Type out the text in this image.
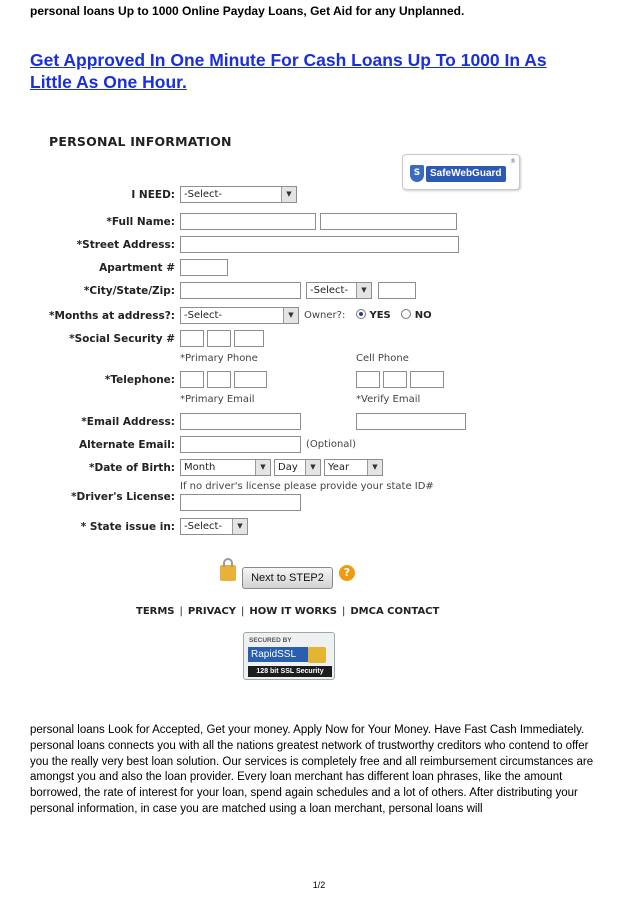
personal loans Up to 1000 Online Payday Loans, Get Aid for any Unplanned.
Get Approved In One Minute For Cash Loans Up To 1000 In As Little As One Hour.
PERSONAL INFORMATION
S SafeWebGuard
®
I NEED: -Select-	▼
*Full Name:
*Street Address:
Apartment #
*City/State/Zip:	-Select-	▼
*Months at address?: -Select-	▼	Owner?:	YES NO
*Social Security #
*Primary Phone	Cell Phone
*Telephone:
*Primary Email	*Verify Email
*Email Address:
Alternate Email:	(Optional)
*Date of Birth: Month	▼	Day	▼	Year	▼
If no driver's license please provide your state ID#
*Driver's License:
* State issue in: -Select-	▼
Next to STEP2	?
TERMS | PRIVACY | HOW IT WORKS | DMCA CONTACT
SECURED BY
RapidSSL
128 bit SSL Security

personal loans Look for Accepted, Get your money. Apply Now for Your Money. Have Fast Cash Immediately.

personal loans connects you with all the nations greatest network of trustworthy creditors who contend to offer you the really very best loan solution. Our services is completely free and all reimbursement circumstances are amongst you and also the loan provider. Every loan merchant has different loan phrases, like the amount borrowed, the rate of interest for your loan, spend again schedules and a lot of others. After distributing your personal information, in case you are matched using a loan merchant, personal loans will

1/2
